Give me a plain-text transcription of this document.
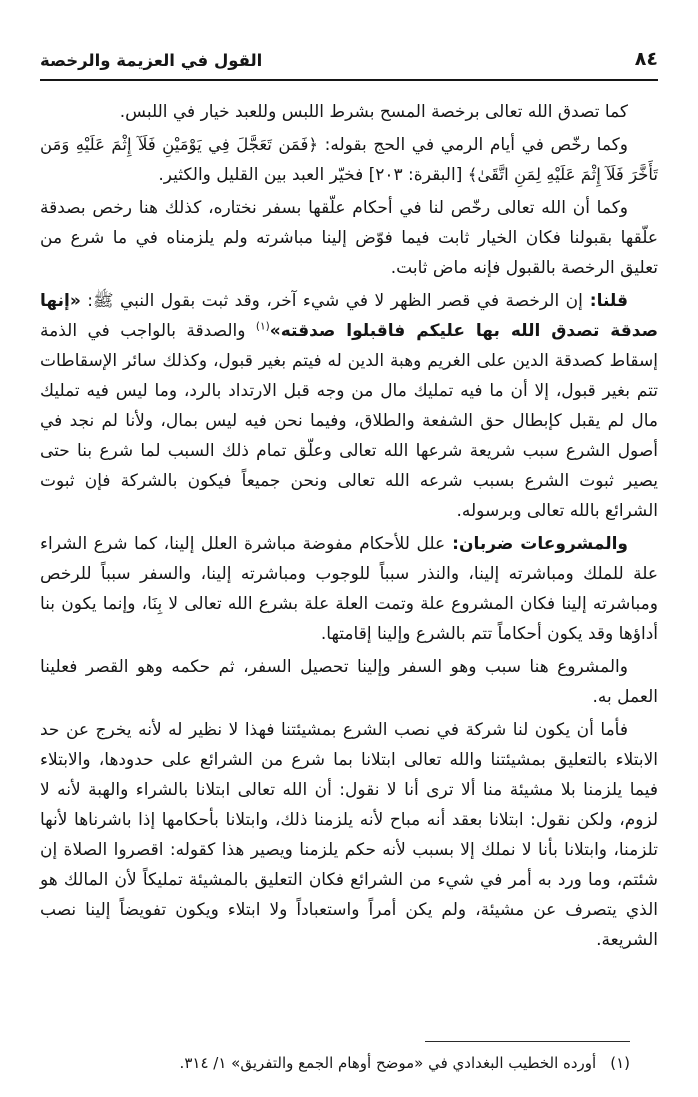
٨٤
القول في العزيمة والرخصة

كما تصدق الله تعالى برخصة المسح بشرط اللبس وللعبد خيار في اللبس.

وكما رخّص في أيام الرمي في الحج بقوله: ﴿فَمَن تَعَجَّلَ فِي يَوْمَيْنِ فَلَآ إِثْمَ عَلَيْهِ وَمَن تَأَخَّرَ فَلَآ إِثْمَ عَلَيْهِ لِمَنِ اتَّقَىٰ﴾ [البقرة: ٢٠٣] فخيّر العبد بين القليل والكثير.

وكما أن الله تعالى رخّص لنا في أحكام علّقها بسفر نختاره، كذلك هنا رخص بصدقة علّقها بقبولنا فكان الخيار ثابت فيما فوّض إلينا مباشرته ولم يلزمناه في ما شرع من تعليق الرخصة بالقبول فإنه ماض ثابت.

قلنا: إن الرخصة في قصر الظهر لا في شيء آخر، وقد ثبت بقول النبي ﷺ: «إنها صدقة تصدق الله بها عليكم فاقبلوا صدقته»$^{(١)}$ والصدقة بالواجب في الذمة إسقاط كصدقة الدين على الغريم وهبة الدين له فيتم بغير قبول، وكذلك سائر الإسقاطات تتم بغير قبول، إلا أن ما فيه تمليك مال من وجه قبل الارتداد بالرد، وما ليس فيه تمليك مال لم يقبل كإبطال حق الشفعة والطلاق، وفيما نحن فيه ليس بمال، ولأنا لم نجد في أصول الشرع سبب شريعة شرعها الله تعالى وعلّق تمام ذلك السبب لما شرع بنا حتى يصير ثبوت الشرع بسبب شرعه الله تعالى ونحن جميعاً فيكون بالشركة فإن ثبوت الشرائع بالله تعالى وبرسوله.

والمشروعات ضربان: علل للأحكام مفوضة مباشرة العلل إلينا، كما شرع الشراء علة للملك ومباشرته إلينا، والنذر سبباً للوجوب ومباشرته إلينا، والسفر سبباً للرخص ومباشرته إلينا فكان المشروع علة وتمت العلة علة بشرع الله تعالى لا بِنَا، وإنما يكون بنا أداؤها وقد يكون أحكاماً تتم بالشرع وإلينا إقامتها.

والمشروع هنا سبب وهو السفر وإلينا تحصيل السفر، ثم حكمه وهو القصر فعلينا العمل به.

فأما أن يكون لنا شركة في نصب الشرع بمشيئتنا فهذا لا نظير له لأنه يخرج عن حد الابتلاء بالتعليق بمشيئتنا والله تعالى ابتلانا بما شرع من الشرائع على حدودها، والابتلاء فيما يلزمنا بلا مشيئة منا ألا ترى أنا لا نقول: أن الله تعالى ابتلانا بالشراء والهبة لأنه لا لزوم، ولكن نقول: ابتلانا بعقد أنه مباح لأنه يلزمنا ذلك، وابتلانا بأحكامها إذا باشرناها لأنها تلزمنا، وابتلانا بأنا لا نملك إلا بسبب لأنه حكم يلزمنا ويصير هذا كقوله: اقصروا الصلاة إن شئتم، وما ورد به أمر في شيء من الشرائع فكان التعليق بالمشيئة تمليكاً لأن المالك هو الذي يتصرف عن مشيئة، ولم يكن أمراً واستعباداً ولا ابتلاء ويكون تفويضاً إلينا نصب الشريعة.

(١)
أورده الخطيب البغدادي في «موضح أوهام الجمع والتفريق» ١/ ٣١٤.
